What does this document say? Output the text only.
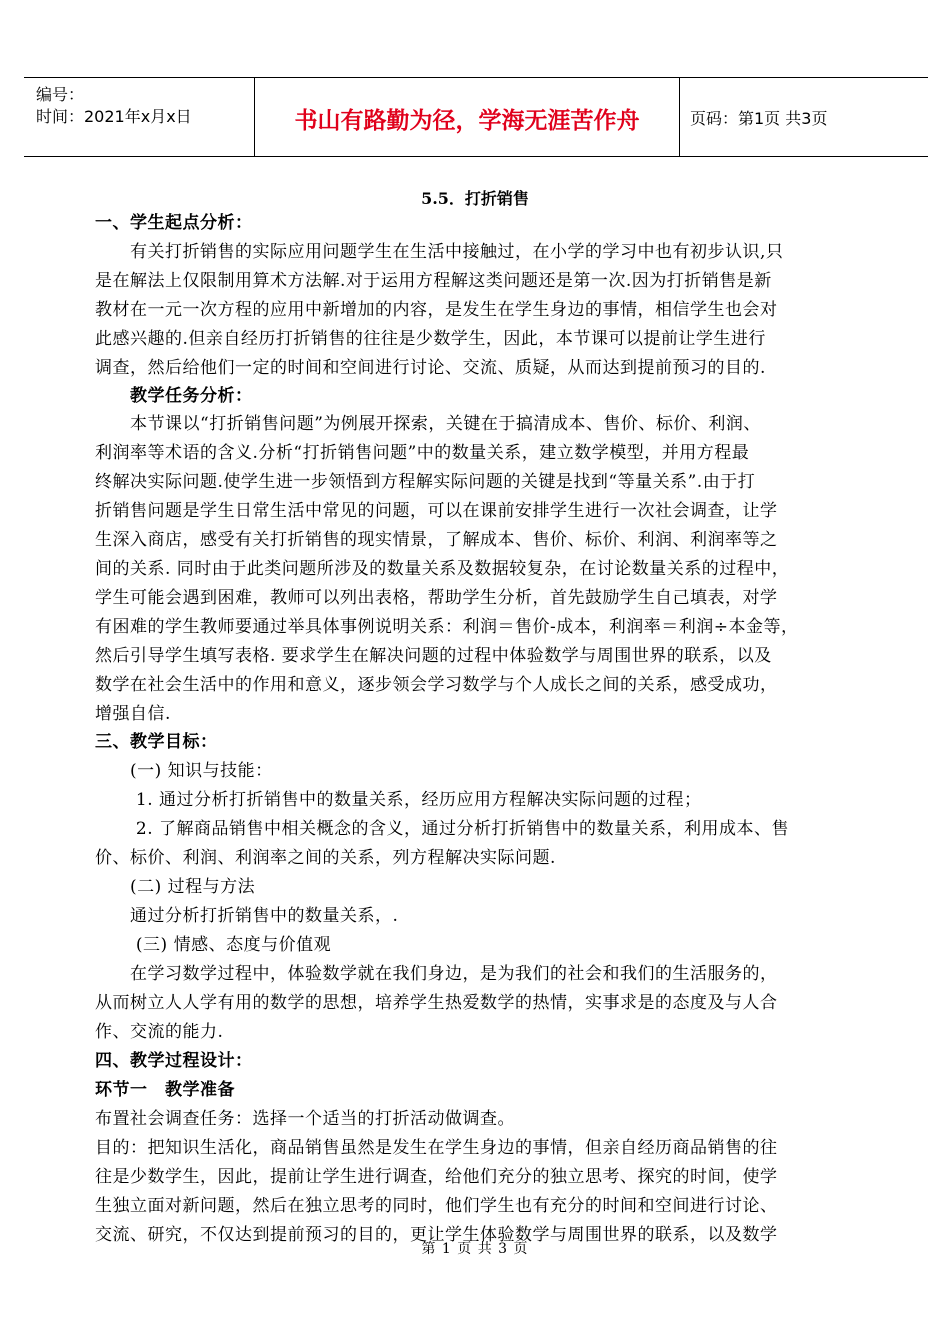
编号：
时间：2021年x月x日	书山有路勤为径，学海无涯苦作舟	页码：第1页 共3页
5.5．打折销售
一、学生起点分析：
　　有关打折销售的实际应用问题学生在生活中接触过，在小学的学习中也有初步认识,只
是在解法上仅限制用算术方法解.对于运用方程解这类问题还是第一次.因为打折销售是新
教材在一元一次方程的应用中新增加的内容，是发生在学生身边的事情，相信学生也会对
此感兴趣的.但亲自经历打折销售的往往是少数学生，因此，本节课可以提前让学生进行
调查，然后给他们一定的时间和空间进行讨论、交流、质疑，从而达到提前预习的目的.
　　教学任务分析：
　　本节课以“打折销售问题”为例展开探索，关键在于搞清成本、售价、标价、利润、
利润率等术语的含义.分析“打折销售问题”中的数量关系，建立数学模型，并用方程最
终解决实际问题.使学生进一步领悟到方程解实际问题的关键是找到“等量关系”.由于打
折销售问题是学生日常生活中常见的问题，可以在课前安排学生进行一次社会调查，让学
生深入商店，感受有关打折销售的现实情景，了解成本、售价、标价、利润、利润率等之
间的关系. 同时由于此类问题所涉及的数量关系及数据较复杂，在讨论数量关系的过程中，
学生可能会遇到困难，教师可以列出表格，帮助学生分析，首先鼓励学生自己填表，对学
有困难的学生教师要通过举具体事例说明关系：利润＝售价-成本，利润率＝利润÷本金等，
然后引导学生填写表格. 要求学生在解决问题的过程中体验数学与周围世界的联系，以及
数学在社会生活中的作用和意义，逐步领会学习数学与个人成长之间的关系，感受成功，
增强自信.
三、教学目标：
　　(一) 知识与技能：
　　 1. 通过分析打折销售中的数量关系，经历应用方程解决实际问题的过程；
　　 2. 了解商品销售中相关概念的含义，通过分析打折销售中的数量关系，利用成本、售
价、标价、利润、利润率之间的关系，列方程解决实际问题.
　　(二) 过程与方法
　　通过分析打折销售中的数量关系，.
　　 (三) 情感、态度与价值观
　　在学习数学过程中，体验数学就在我们身边，是为我们的社会和我们的生活服务的，
从而树立人人学有用的数学的思想，培养学生热爱数学的热情，实事求是的态度及与人合
作、交流的能力.
四、教学过程设计：
环节一　教学准备
布置社会调查任务：选择一个适当的打折活动做调查。
目的：把知识生活化，商品销售虽然是发生在学生身边的事情，但亲自经历商品销售的往
往是少数学生，因此，提前让学生进行调查，给他们充分的独立思考、探究的时间，使学
生独立面对新问题，然后在独立思考的同时，他们学生也有充分的时间和空间进行讨论、
交流、研究，不仅达到提前预习的目的，更让学生体验数学与周围世界的联系，以及数学
第 1 页 共 3 页
